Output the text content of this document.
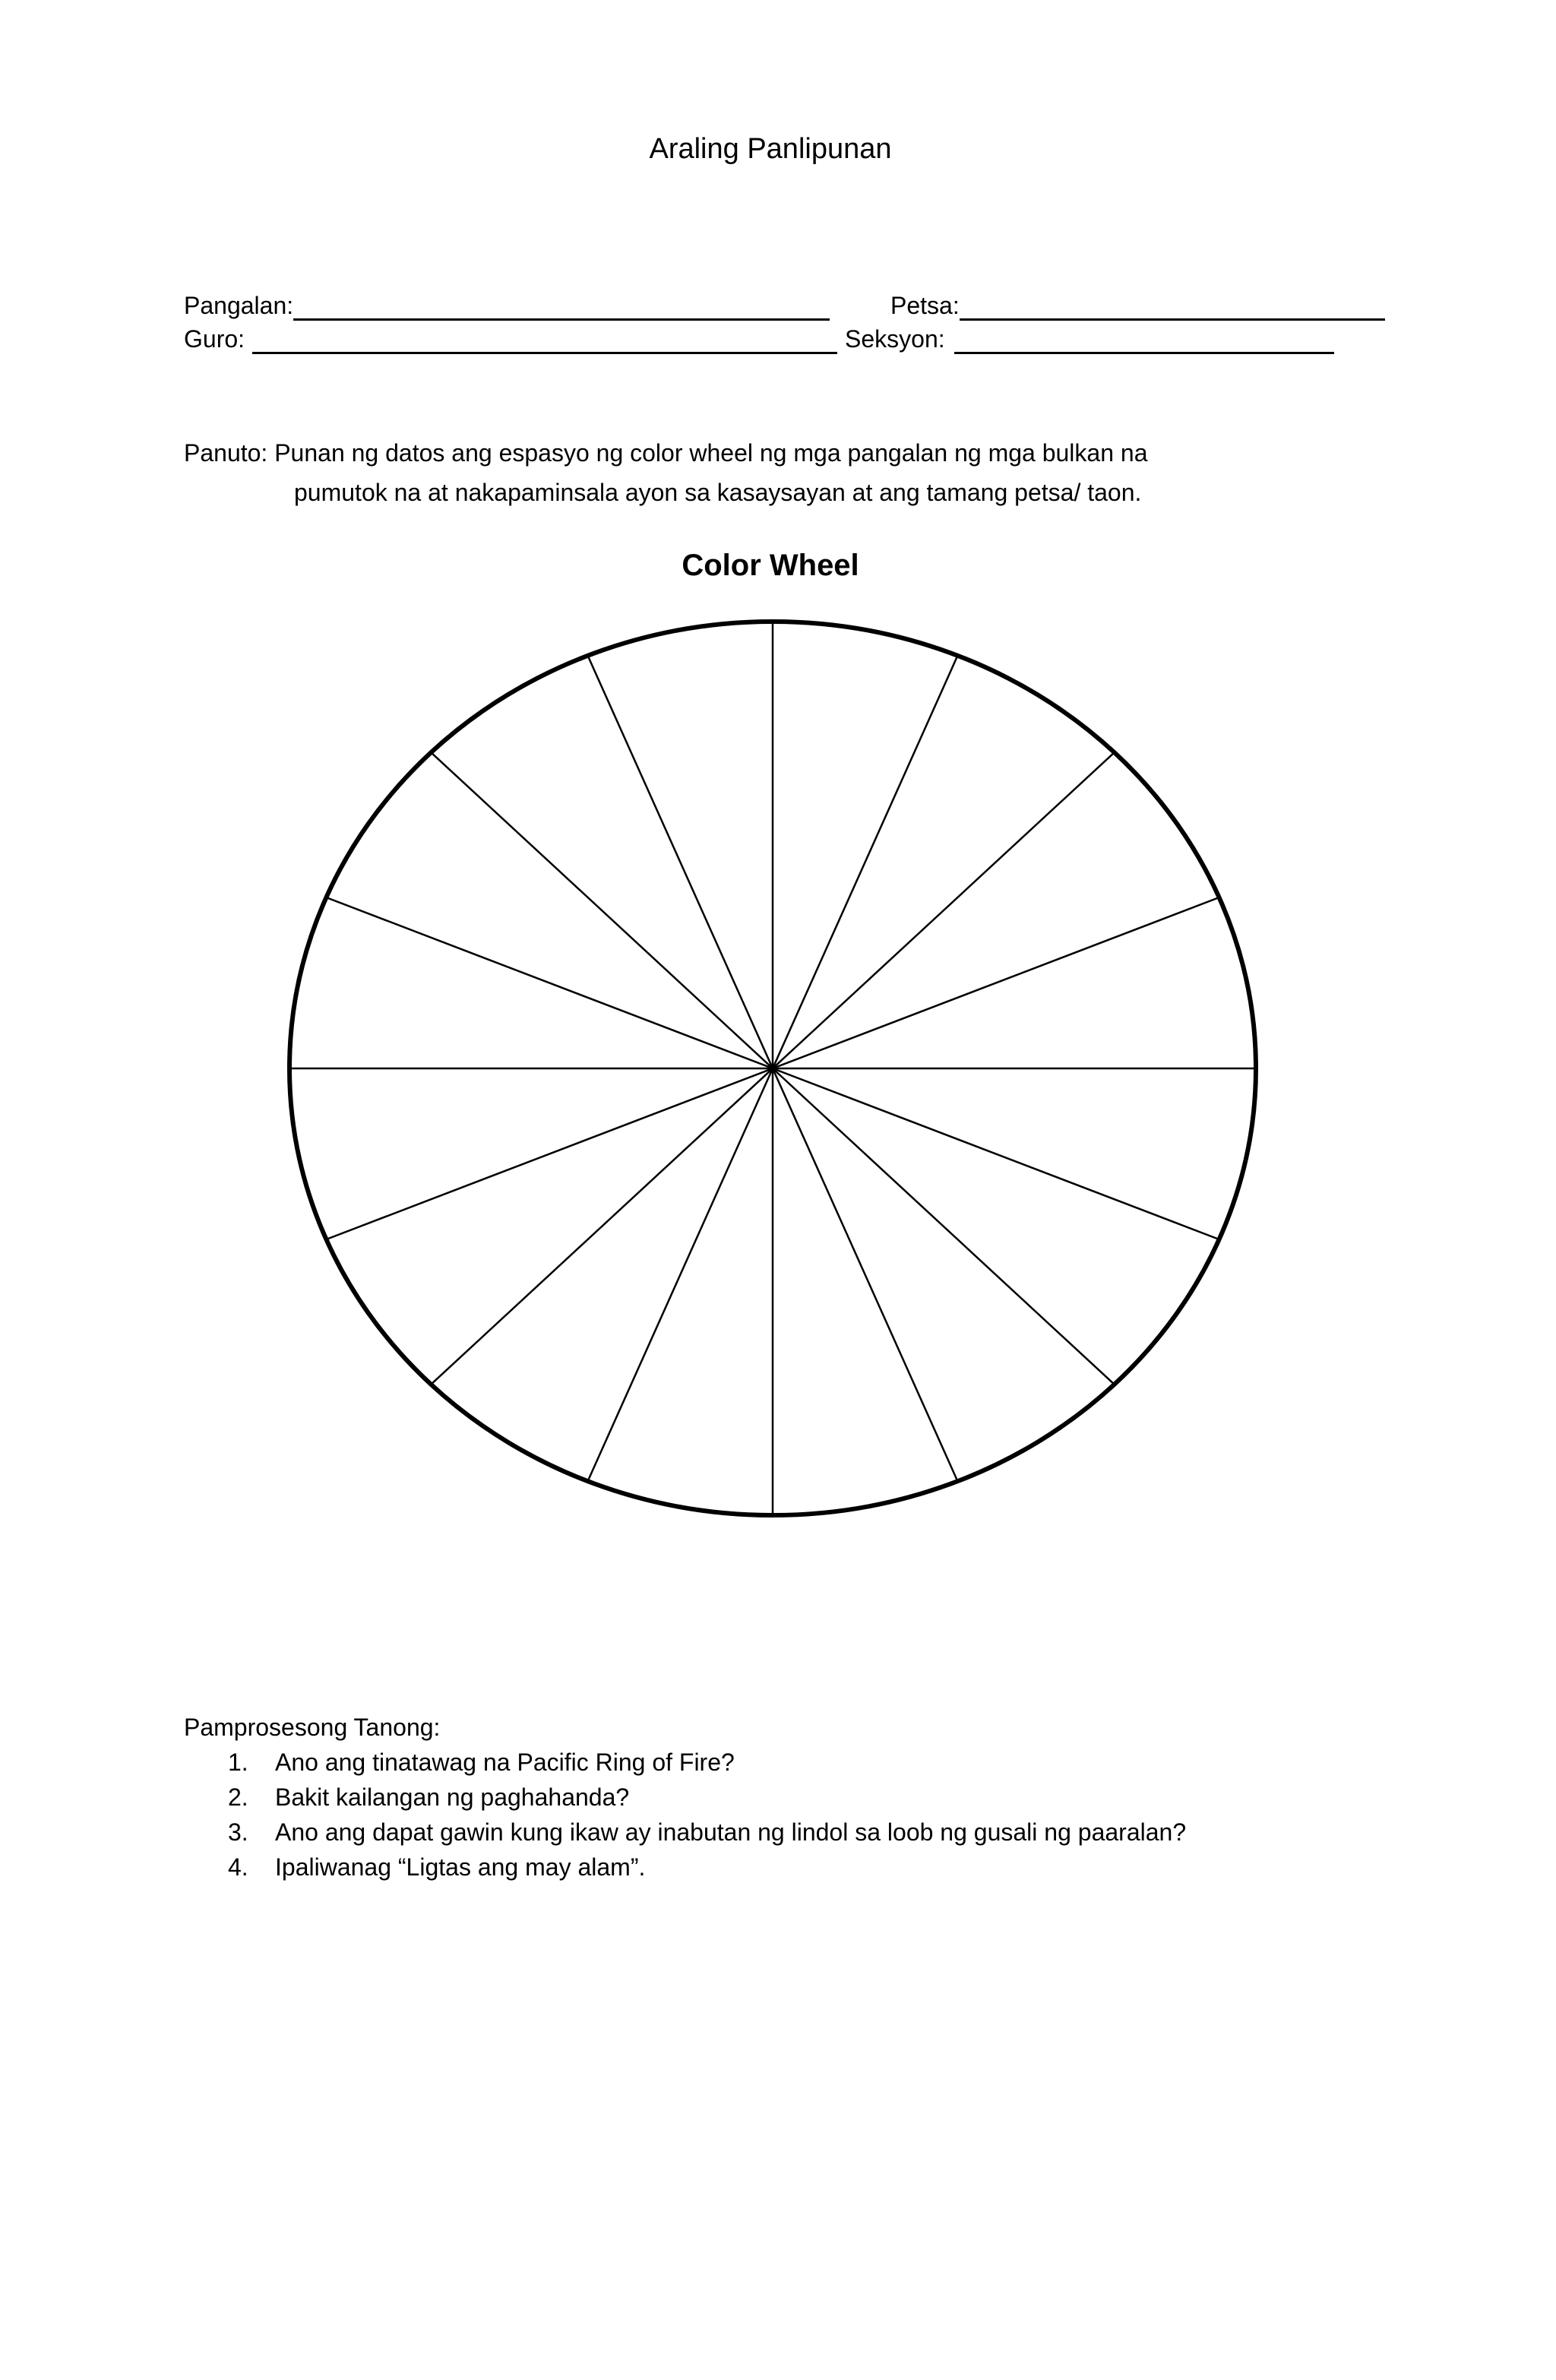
Araling Panlipunan
Pangalan:	Petsa:
Guro:	Seksyon:
Panuto: Punan ng datos ang espasyo ng color wheel ng mga pangalan ng mga bulkan na
pumutok na at nakapaminsala ayon sa kasaysayan at ang tamang petsa/ taon.
Color Wheel
Pamprosesong Tanong:
1. Ano ang tinatawag na Pacific Ring of Fire?
2. Bakit kailangan ng paghahanda?
3. Ano ang dapat gawin kung ikaw ay inabutan ng lindol sa loob ng gusali ng paaralan?
4. Ipaliwanag “Ligtas ang may alam”.
